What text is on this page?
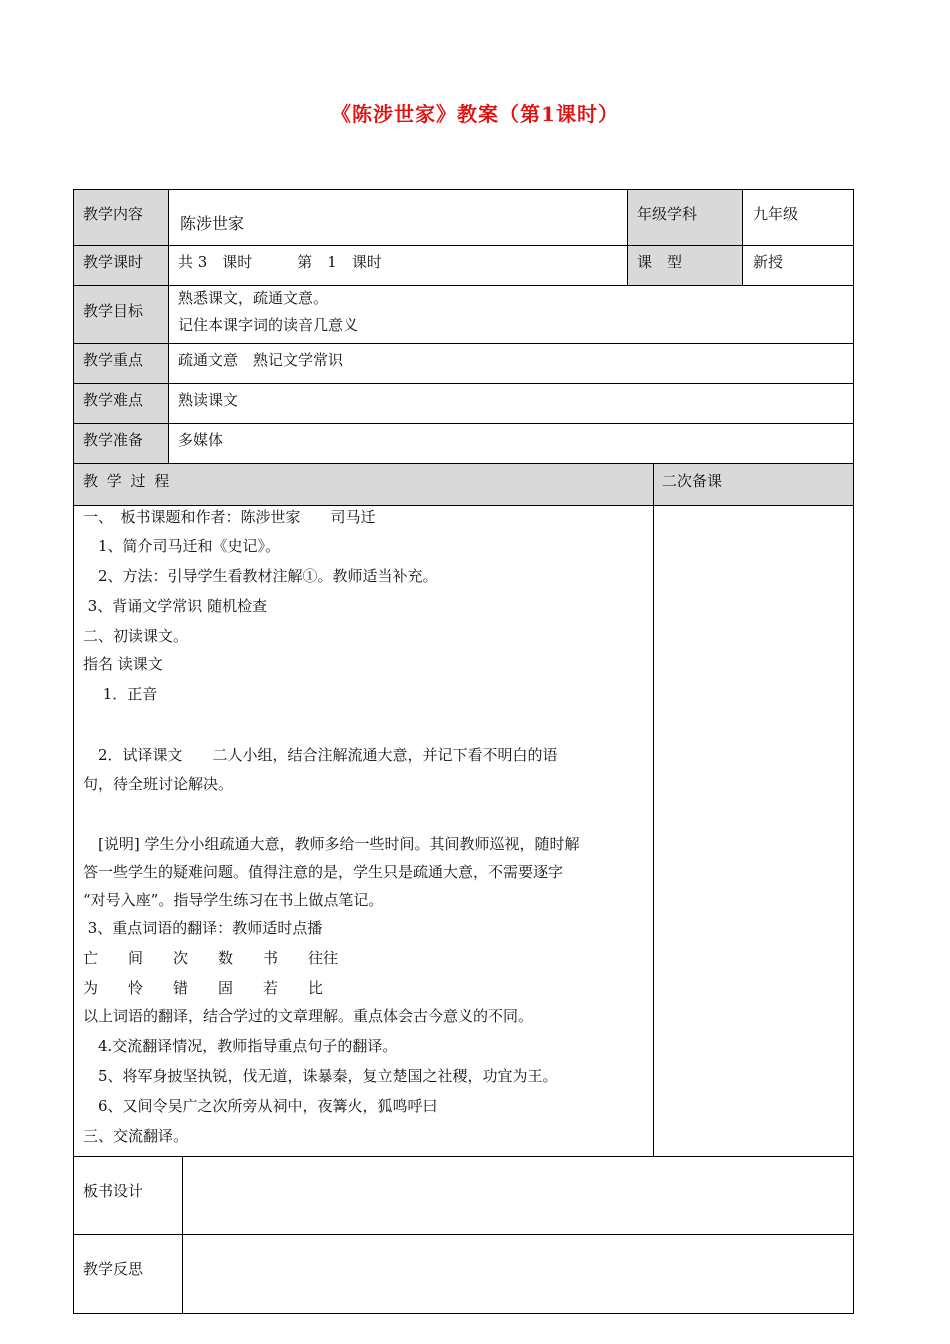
《陈涉世家》教案（第1课时）
教学内容 陈涉世家	年级学科	九年级
教学课时 共 3　课时　　　第　1　课时	课　型	新授
教学目标
熟悉课文，疏通文意。
记住本课字词的读音几意义
教学重点 疏通文意　熟记文学常识
教学难点 熟读课文
教学准备 多媒体
教 学 过 程	二次备课
一、　板书课题和作者：陈涉世家　　司马迁
　1、简介司马迁和《史记》。
　2、方法：引导学生看教材注解①。教师适当补充。
3、背诵文学常识 随机检查
二、初读课文。
指名 读课文
　 1．正音
　2．试译课文　　二人小组，结合注解流通大意，并记下看不明白的语
句，待全班讨论解决。
　[说明] 学生分小组疏通大意，教师多给一些时间。其间教师巡视，随时解
答一些学生的疑难问题。值得注意的是，学生只是疏通大意，不需要逐字
“对号入座”。指导学生练习在书上做点笔记。
3、重点词语的翻译：教师适时点播
亡　　间　　次　　数　　书　　往往
为　　怜　　错　　固　　若　　比
以上词语的翻译，结合学过的文章理解。重点体会古今意义的不同。
　4.交流翻译情况，教师指导重点句子的翻译。
　5、将军身披坚执锐，伐无道，诛暴秦，复立楚国之社稷，功宜为王。
　6、又间令吴广之次所旁从祠中，夜篝火，狐鸣呼曰
三、交流翻译。
板书设计
教学反思
